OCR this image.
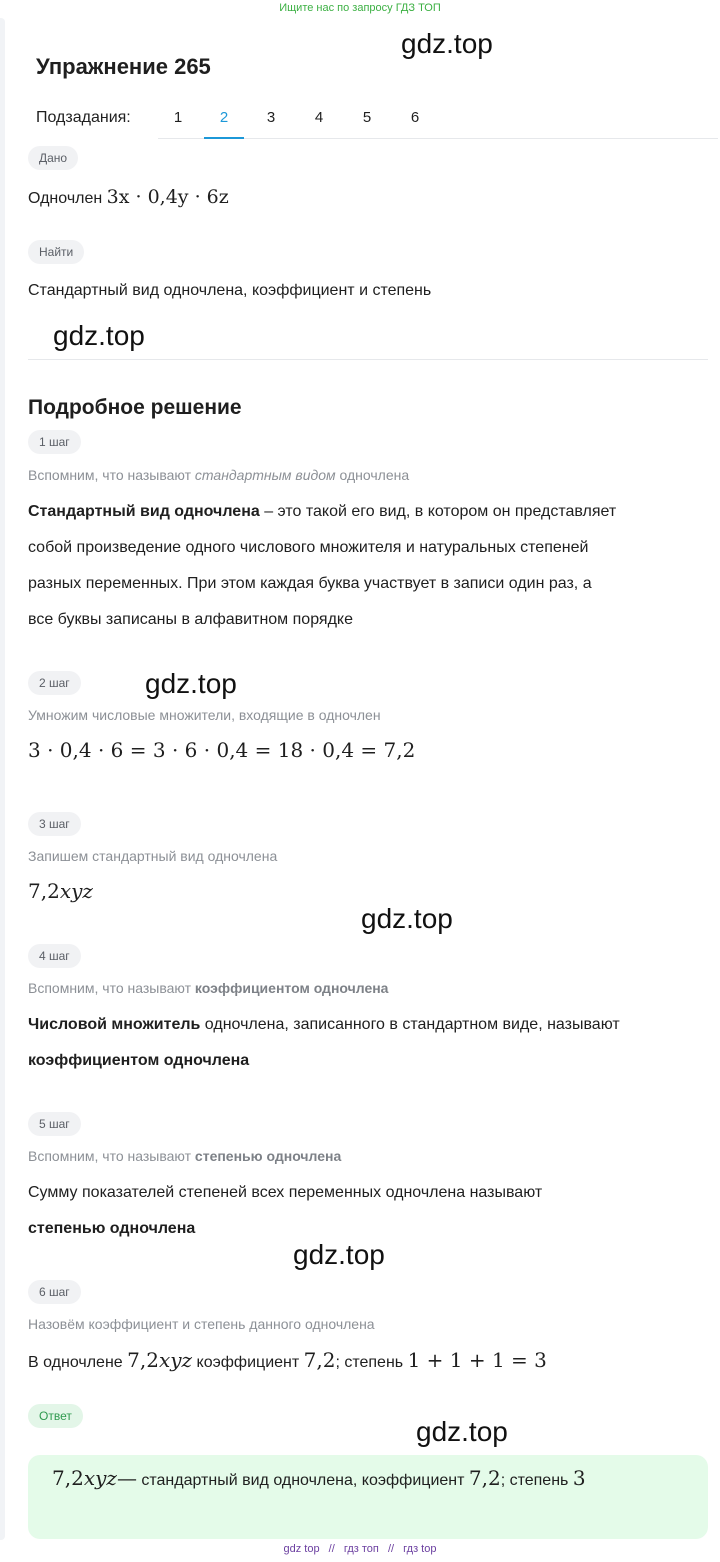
Ищите нас по запросу ГДЗ ТОП
Упражнение 265
gdz.top
Подзадания:	1	2	3	4	5	6
Дано
Одночлен 3x · 0,4y · 6z
Найти
Стандартный вид одночлена, коэффициент и степень
gdz.top
Подробное решение
1 шаг
Вспомним, что называют стандартным видом одночлена
Стандартный вид одночлена – это такой его вид, в котором он представляет
собой произведение одного числового множителя и натуральных степеней
разных переменных. При этом каждая буква участвует в записи один раз, а
все буквы записаны в алфавитном порядке
2 шаг	gdz.top
Умножим числовые множители, входящие в одночлен
3 · 0,4 · 6 = 3 · 6 · 0,4 = 18 · 0,4 = 7,2
3 шаг
Запишем стандартный вид одночлена
7,2xyz
gdz.top
4 шаг
Вспомним, что называют коэффициентом одночлена
Числовой множитель одночлена, записанного в стандартном виде, называют
коэффициентом одночлена
5 шаг
Вспомним, что называют степенью одночлена
Сумму показателей степеней всех переменных одночлена называют
степенью одночлена
gdz.top
6 шаг
Назовём коэффициент и степень данного одночлена
В одночлене 7,2xyz коэффициент 7,2; степень 1 + 1 + 1 = 3
Ответ	gdz.top
7,2xyz— стандартный вид одночлена, коэффициент 7,2; степень 3
gdz top // гдз топ // гдз top
